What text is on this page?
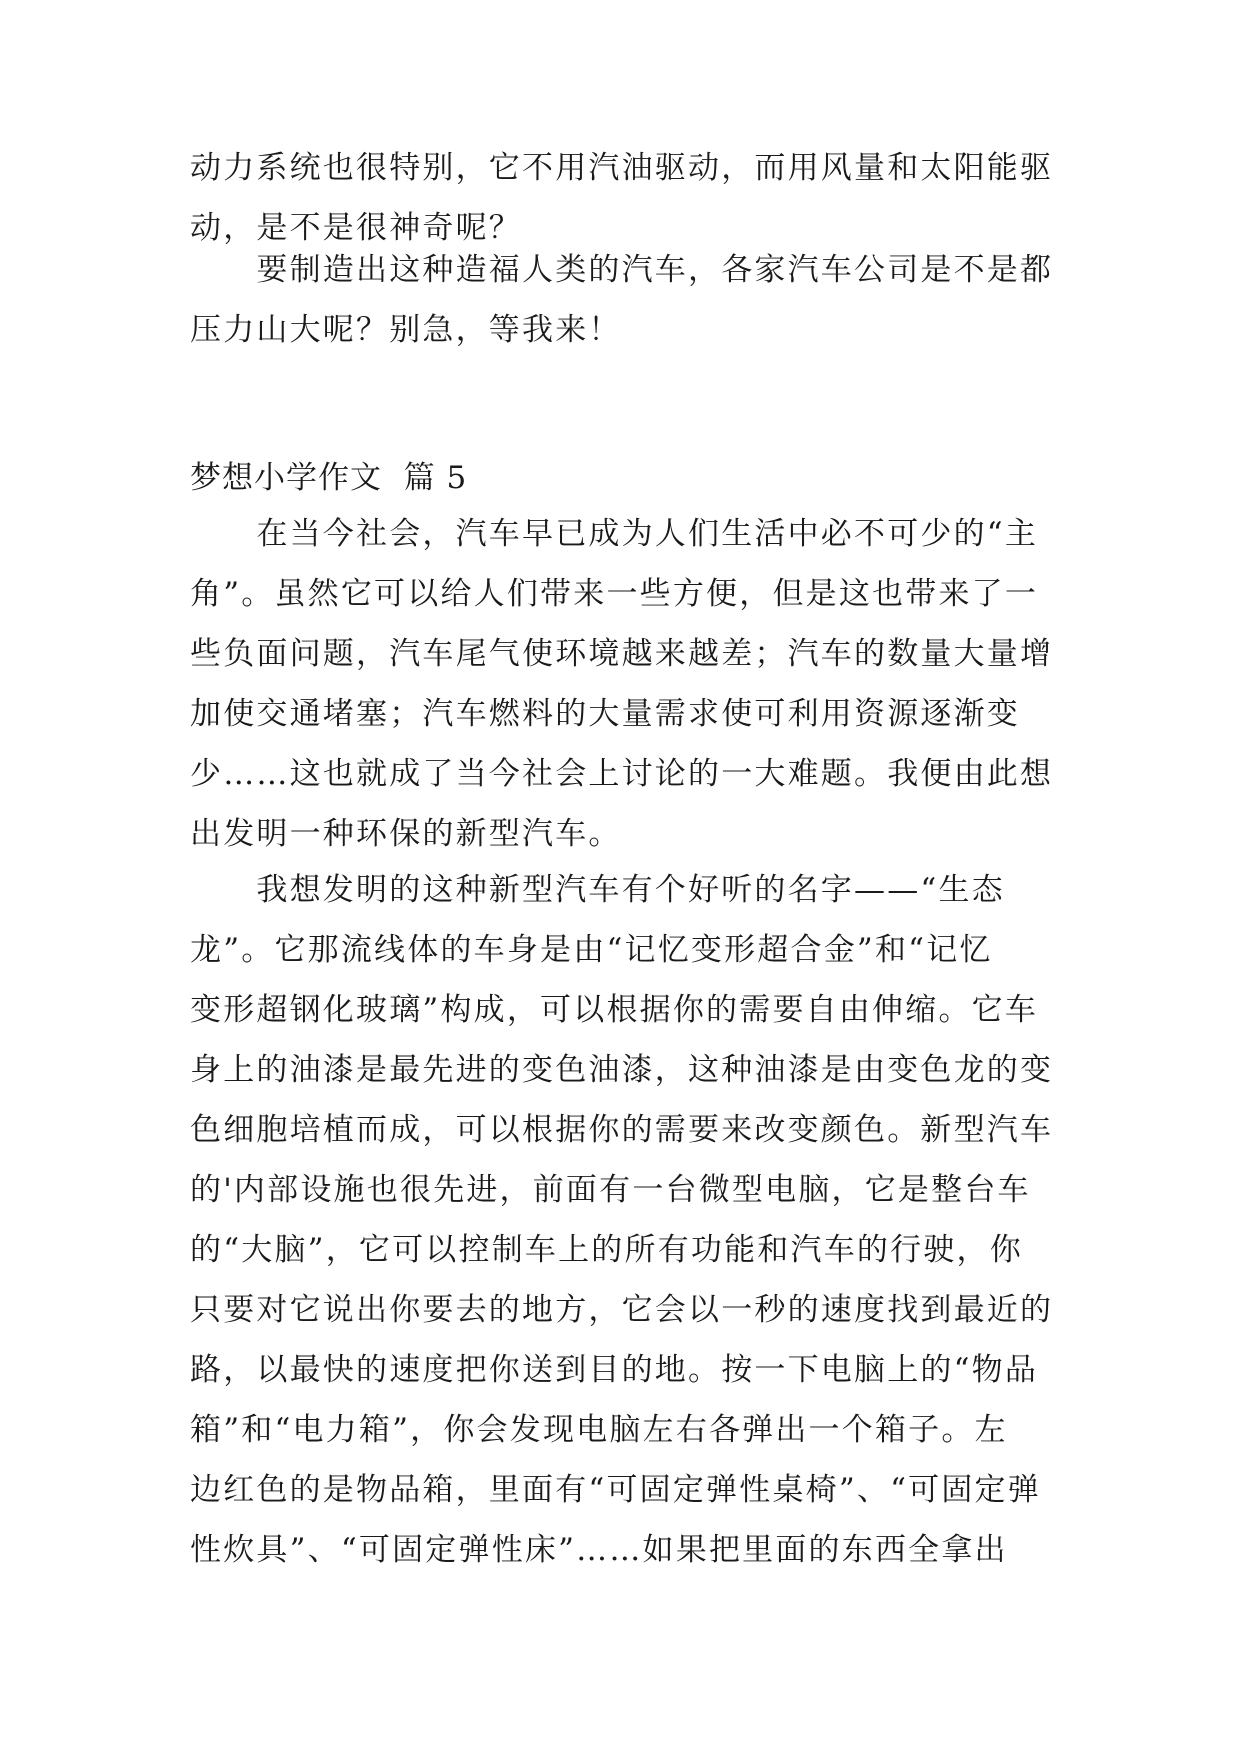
动力系统也很特别，它不用汽油驱动，而用风量和太阳能驱
动，是不是很神奇呢？
　　要制造出这种造福人类的汽车，各家汽车公司是不是都
压力山大呢？别急，等我来！
梦想小学作文  篇 5
　　在当今社会，汽车早已成为人们生活中必不可少的“主
角”。虽然它可以给人们带来一些方便，但是这也带来了一
些负面问题，汽车尾气使环境越来越差；汽车的数量大量增
加使交通堵塞；汽车燃料的大量需求使可利用资源逐渐变
少……这也就成了当今社会上讨论的一大难题。我便由此想
出发明一种环保的新型汽车。
　　我想发明的这种新型汽车有个好听的名字——“生态
龙”。它那流线体的车身是由“记忆变形超合金”和“记忆
变形超钢化玻璃”构成，可以根据你的需要自由伸缩。它车
身上的油漆是最先进的变色油漆，这种油漆是由变色龙的变
色细胞培植而成，可以根据你的需要来改变颜色。新型汽车
的'内部设施也很先进，前面有一台微型电脑，它是整台车
的“大脑”，它可以控制车上的所有功能和汽车的行驶，你
只要对它说出你要去的地方，它会以一秒的速度找到最近的
路，以最快的速度把你送到目的地。按一下电脑上的“物品
箱”和“电力箱”，你会发现电脑左右各弹出一个箱子。左
边红色的是物品箱，里面有“可固定弹性桌椅”、“可固定弹
性炊具”、“可固定弹性床”……如果把里面的东西全拿出
